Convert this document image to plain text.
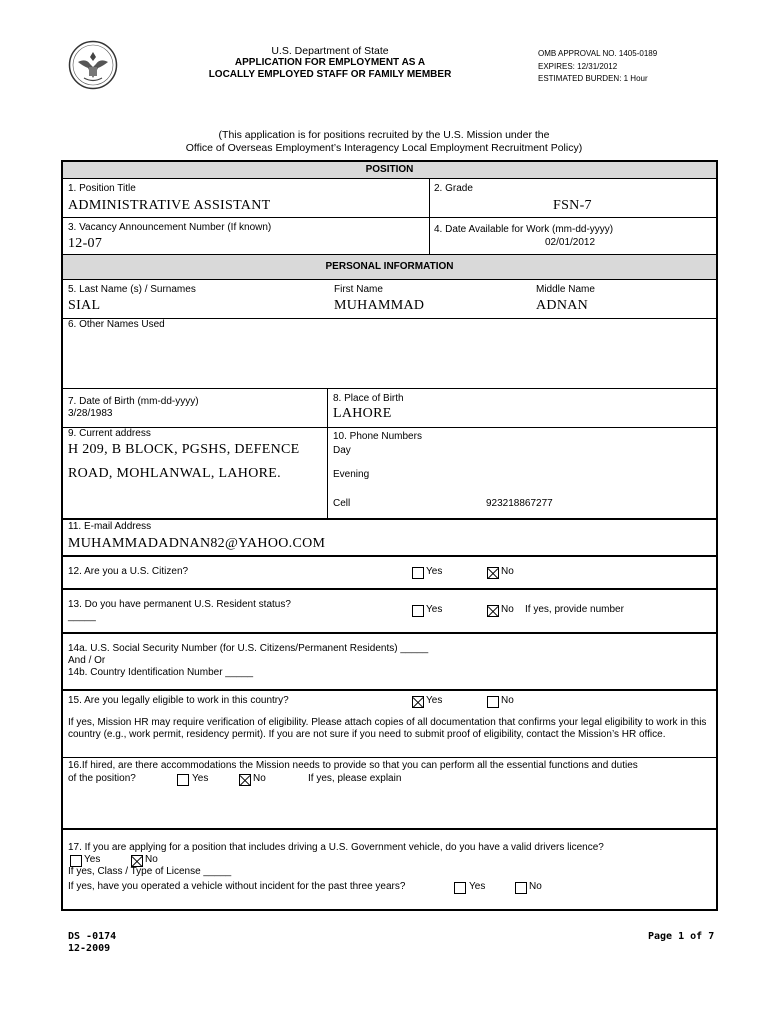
U.S. Department of State
APPLICATION FOR EMPLOYMENT AS A
LOCALLY EMPLOYED STAFF OR FAMILY MEMBER
OMB APPROVAL NO. 1405-0189
EXPIRES: 12/31/2012
ESTIMATED BURDEN: 1 Hour
(This application is for positions recruited by the U.S. Mission under the
Office of Overseas Employment’s Interagency Local Employment Recruitment Policy)
POSITION
1. Position Title
ADMINISTRATIVE ASSISTANT
2. Grade
FSN-7
3. Vacancy Announcement Number (If known)
12-07
4. Date Available for Work (mm-dd-yyyy)
02/01/2012
PERSONAL INFORMATION
5. Last Name (s) / Surnames
SIAL
First Name
MUHAMMAD
Middle Name
ADNAN
6. Other Names Used
7. Date of Birth (mm-dd-yyyy)
3/28/1983
8. Place of Birth
LAHORE
9. Current address
H 209, B BLOCK, PGSHS, DEFENCE
ROAD, MOHLANWAL, LAHORE.
10. Phone Numbers
Day
Evening
Cell	923218867277
11. E-mail Address
MUHAMMADADNAN82@YAHOO.COM
12. Are you a U.S. Citizen?	Yes	No
13. Do you have permanent U.S. Resident status?
_____
Yes	No If yes, provide number
14a. U.S. Social Security Number (for U.S. Citizens/Permanent Residents) _____
And / Or
14b. Country Identification Number _____
15. Are you legally eligible to work in this country?	Yes	No
If yes, Mission HR may require verification of eligibility. Please attach copies of all documentation that confirms your legal eligibility to work in this country (e.g., work permit, residency permit). If you are not sure if you need to submit proof of eligibility, contact the Mission’s HR office.
16.If hired, are there accommodations the Mission needs to provide so that you can perform all the essential functions and duties
of the position?	Yes	No	If yes, please explain
17. If you are applying for a position that includes driving a U.S. Government vehicle, do you have a valid drivers licence?
Yes	No
If yes, Class / Type of License _____
If yes, have you operated a vehicle without incident for the past three years?	Yes	No
DS -0174
12-2009
Page 1 of 7
